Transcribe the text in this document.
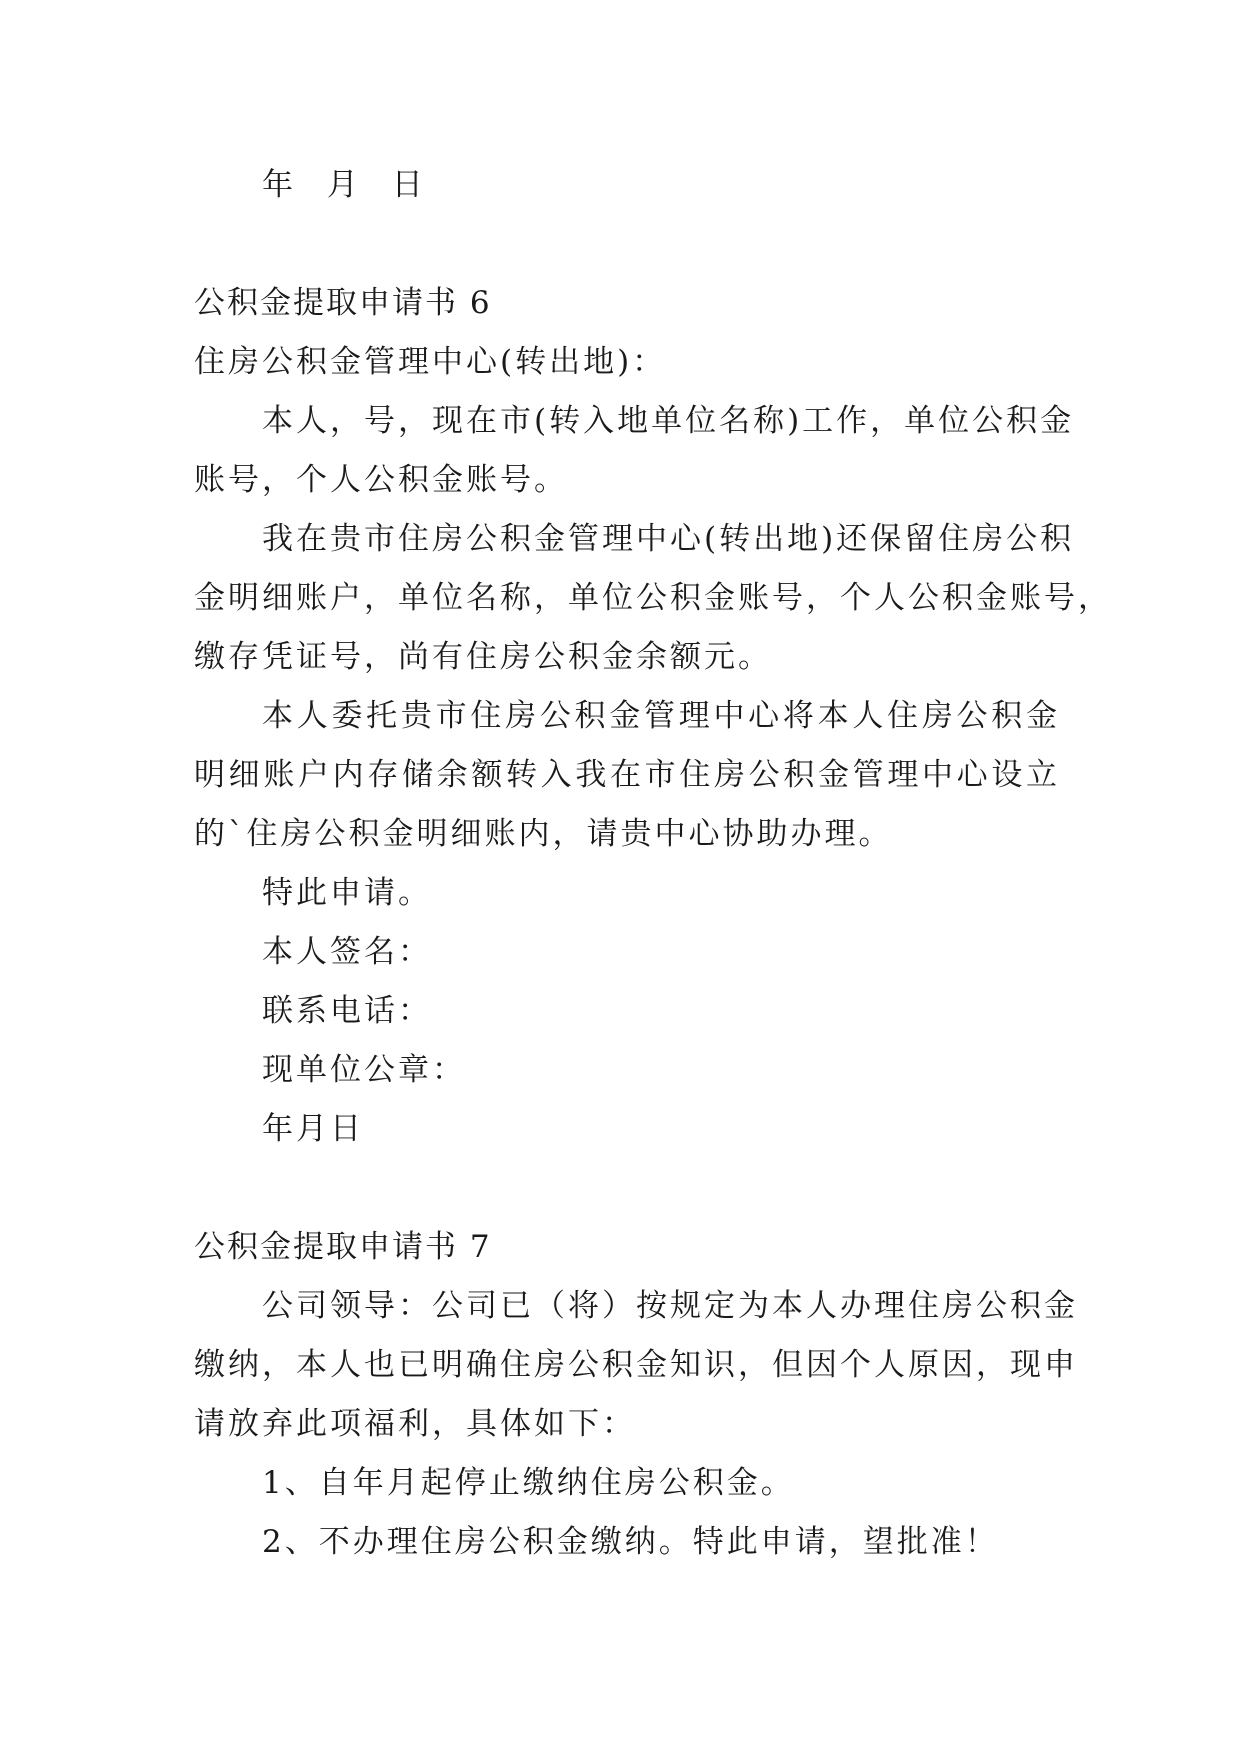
年 月 日
公积金提取申请书 6
住房公积金管理中心(转出地)：
本人，号，现在市(转入地单位名称)工作，单位公积金
账号，个人公积金账号。
我在贵市住房公积金管理中心(转出地)还保留住房公积
金明细账户，单位名称，单位公积金账号，个人公积金账号，
缴存凭证号，尚有住房公积金余额元。
本人委托贵市住房公积金管理中心将本人住房公积金
明细账户内存储余额转入我在市住房公积金管理中心设立
的`住房公积金明细账内，请贵中心协助办理。
特此申请。
本人签名：
联系电话：
现单位公章：
年月日
公积金提取申请书 7
公司领导：公司已（将）按规定为本人办理住房公积金
缴纳，本人也已明确住房公积金知识，但因个人原因，现申
请放弃此项福利，具体如下：
1、自年月起停止缴纳住房公积金。
2、不办理住房公积金缴纳。特此申请，望批准！
